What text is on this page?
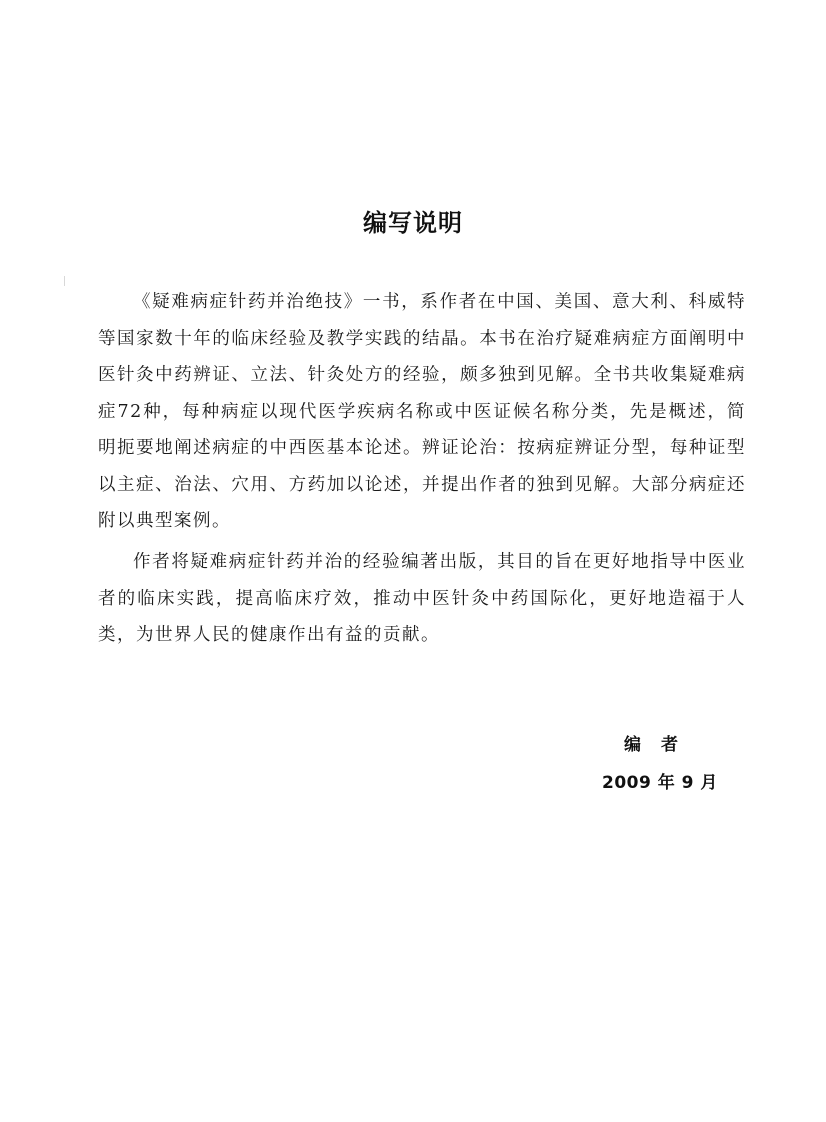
编写说明

《疑难病症针药并治绝技》一书，系作者在中国、美国、意大利、科威特等国家数十年的临床经验及教学实践的结晶。本书在治疗疑难病症方面阐明中医针灸中药辨证、立法、针灸处方的经验，颇多独到见解。全书共收集疑难病症72种，每种病症以现代医学疾病名称或中医证候名称分类，先是概述，简明扼要地阐述病症的中西医基本论述。辨证论治：按病症辨证分型，每种证型以主症、治法、穴用、方药加以论述，并提出作者的独到见解。大部分病症还附以典型案例。

作者将疑难病症针药并治的经验编著出版，其目的旨在更好地指导中医业者的临床实践，提高临床疗效，推动中医针灸中药国际化，更好地造福于人类，为世界人民的健康作出有益的贡献。

编者
2009 年 9 月
